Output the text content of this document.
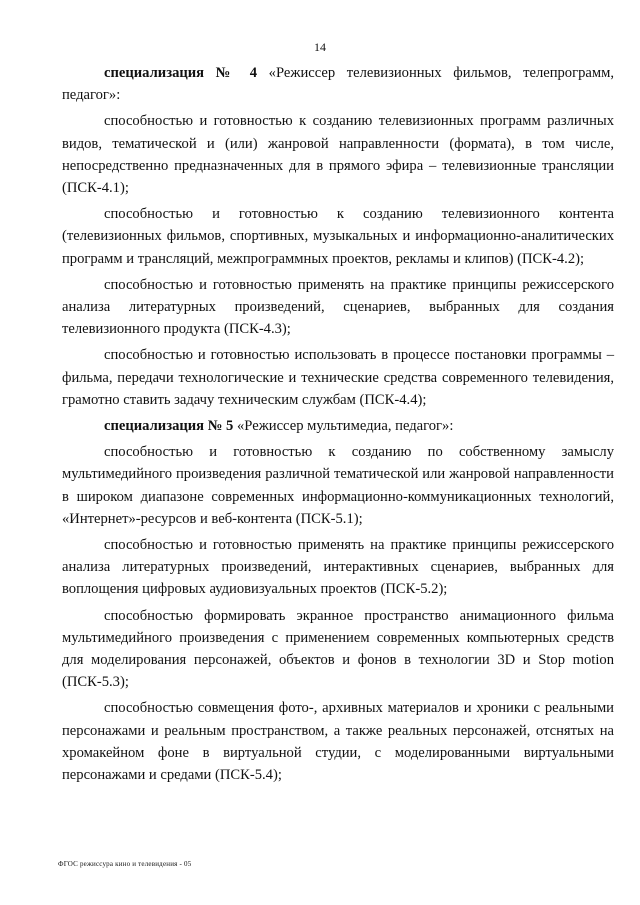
14

специализация № 4 «Режиссер телевизионных фильмов, телепрограмм, педагог»:

способностью и готовностью к созданию телевизионных программ различных видов, тематической и (или) жанровой направленности (формата), в том числе, непосредственно предназначенных для в прямого эфира – телевизионные трансляции (ПСК-4.1);

способностью и готовностью к созданию телевизионного контента (телевизионных фильмов, спортивных, музыкальных и информационно-аналитических программ и трансляций, межпрограммных проектов, рекламы и клипов) (ПСК-4.2);

способностью и готовностью применять на практике принципы режиссерского анализа литературных произведений, сценариев, выбранных для создания телевизионного продукта (ПСК-4.3);

способностью и готовностью использовать в процессе постановки программы – фильма, передачи технологические и технические средства современного телевидения, грамотно ставить задачу техническим службам (ПСК-4.4);

специализация № 5 «Режиссер мультимедиа, педагог»:

способностью и готовностью к созданию по собственному замыслу мультимедийного произведения различной тематической или жанровой направленности в широком диапазоне современных информационно-коммуникационных технологий, «Интернет»-ресурсов и веб-контента (ПСК-5.1);

способностью и готовностью применять на практике принципы режиссерского анализа литературных произведений, интерактивных сценариев, выбранных для воплощения цифровых аудиовизуальных проектов (ПСК-5.2);

способностью формировать экранное пространство анимационного фильма мультимедийного произведения с применением современных компьютерных средств для моделирования персонажей, объектов и фонов в технологии 3D и Stop motion (ПСК-5.3);

способностью совмещения фото-, архивных материалов и хроники с реальными персонажами и реальным пространством, а также реальных персонажей, отснятых на хромакейном фоне в виртуальной студии, с моделированными виртуальными персонажами и средами (ПСК-5.4);

ФГОС режиссура кино и телевидения - 05
